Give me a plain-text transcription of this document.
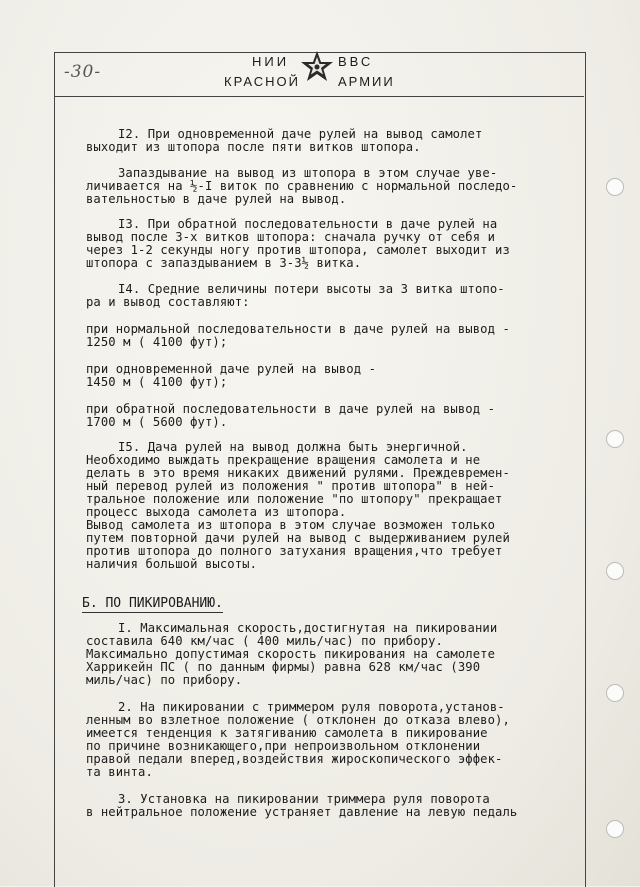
-30-
НИИ	ВВС
КРАСНОЙ	АРМИИ
I2. При одновременной даче рулей на вывод самолет
выходит из штопора после пяти витков штопора.
Запаздывание на вывод из штопора в этом случае уве-
личивается на ½-I виток по сравнению с нормальной последо-
вательностью в даче рулей на вывод.
I3. При обратной последовательности в даче рулей на
вывод после 3-х витков штопора: сначала ручку от себя и
через 1-2 секунды ногу против штопора, самолет выходит из
штопора с запаздыванием в 3-3½ витка.
I4. Средние величины потери высоты за 3 витка штопо-
ра и вывод составляют:
при нормальной последовательности в даче рулей на вывод -
1250 м ( 4100 фут);
при одновременной даче рулей на вывод -
1450 м ( 4100 фут);
при обратной последовательности в даче рулей на вывод -
1700 м ( 5600 фут).
I5. Дача рулей на вывод должна быть энергичной.
Необходимо выждать прекращение вращения самолета и не
делать в это время никаких движений рулями. Преждевремен-
ный перевод рулей из положения " против штопора" в ней-
тральное положение или положение "по штопору" прекращает
процесс выхода самолета из штопора.
Вывод самолета из штопора в этом случае возможен только
путем повторной дачи рулей на вывод с выдерживанием рулей
против штопора до полного затухания вращения,что требует
наличия большой высоты.
Б. ПО ПИКИРОВАНИЮ.
I. Максимальная скорость,достигнутая на пикировании
составила 640 км/час ( 400 миль/час) по прибору.
Максимально допустимая скорость пикирования на самолете
Харрикейн ПС ( по данным фирмы) равна 628 км/час (390
миль/час) по прибору.
2. На пикировании с триммером руля поворота,установ-
ленным во взлетное положение ( отклонен до отказа влево),
имеется тенденция к затягиванию самолета в пикирование
по причине возникающего,при непроизвольном отклонении
правой педали вперед,воздействия жироскопического эффек-
та винта.
3. Установка на пикировании триммера руля поворота
в нейтральное положение устраняет давление на левую педаль
